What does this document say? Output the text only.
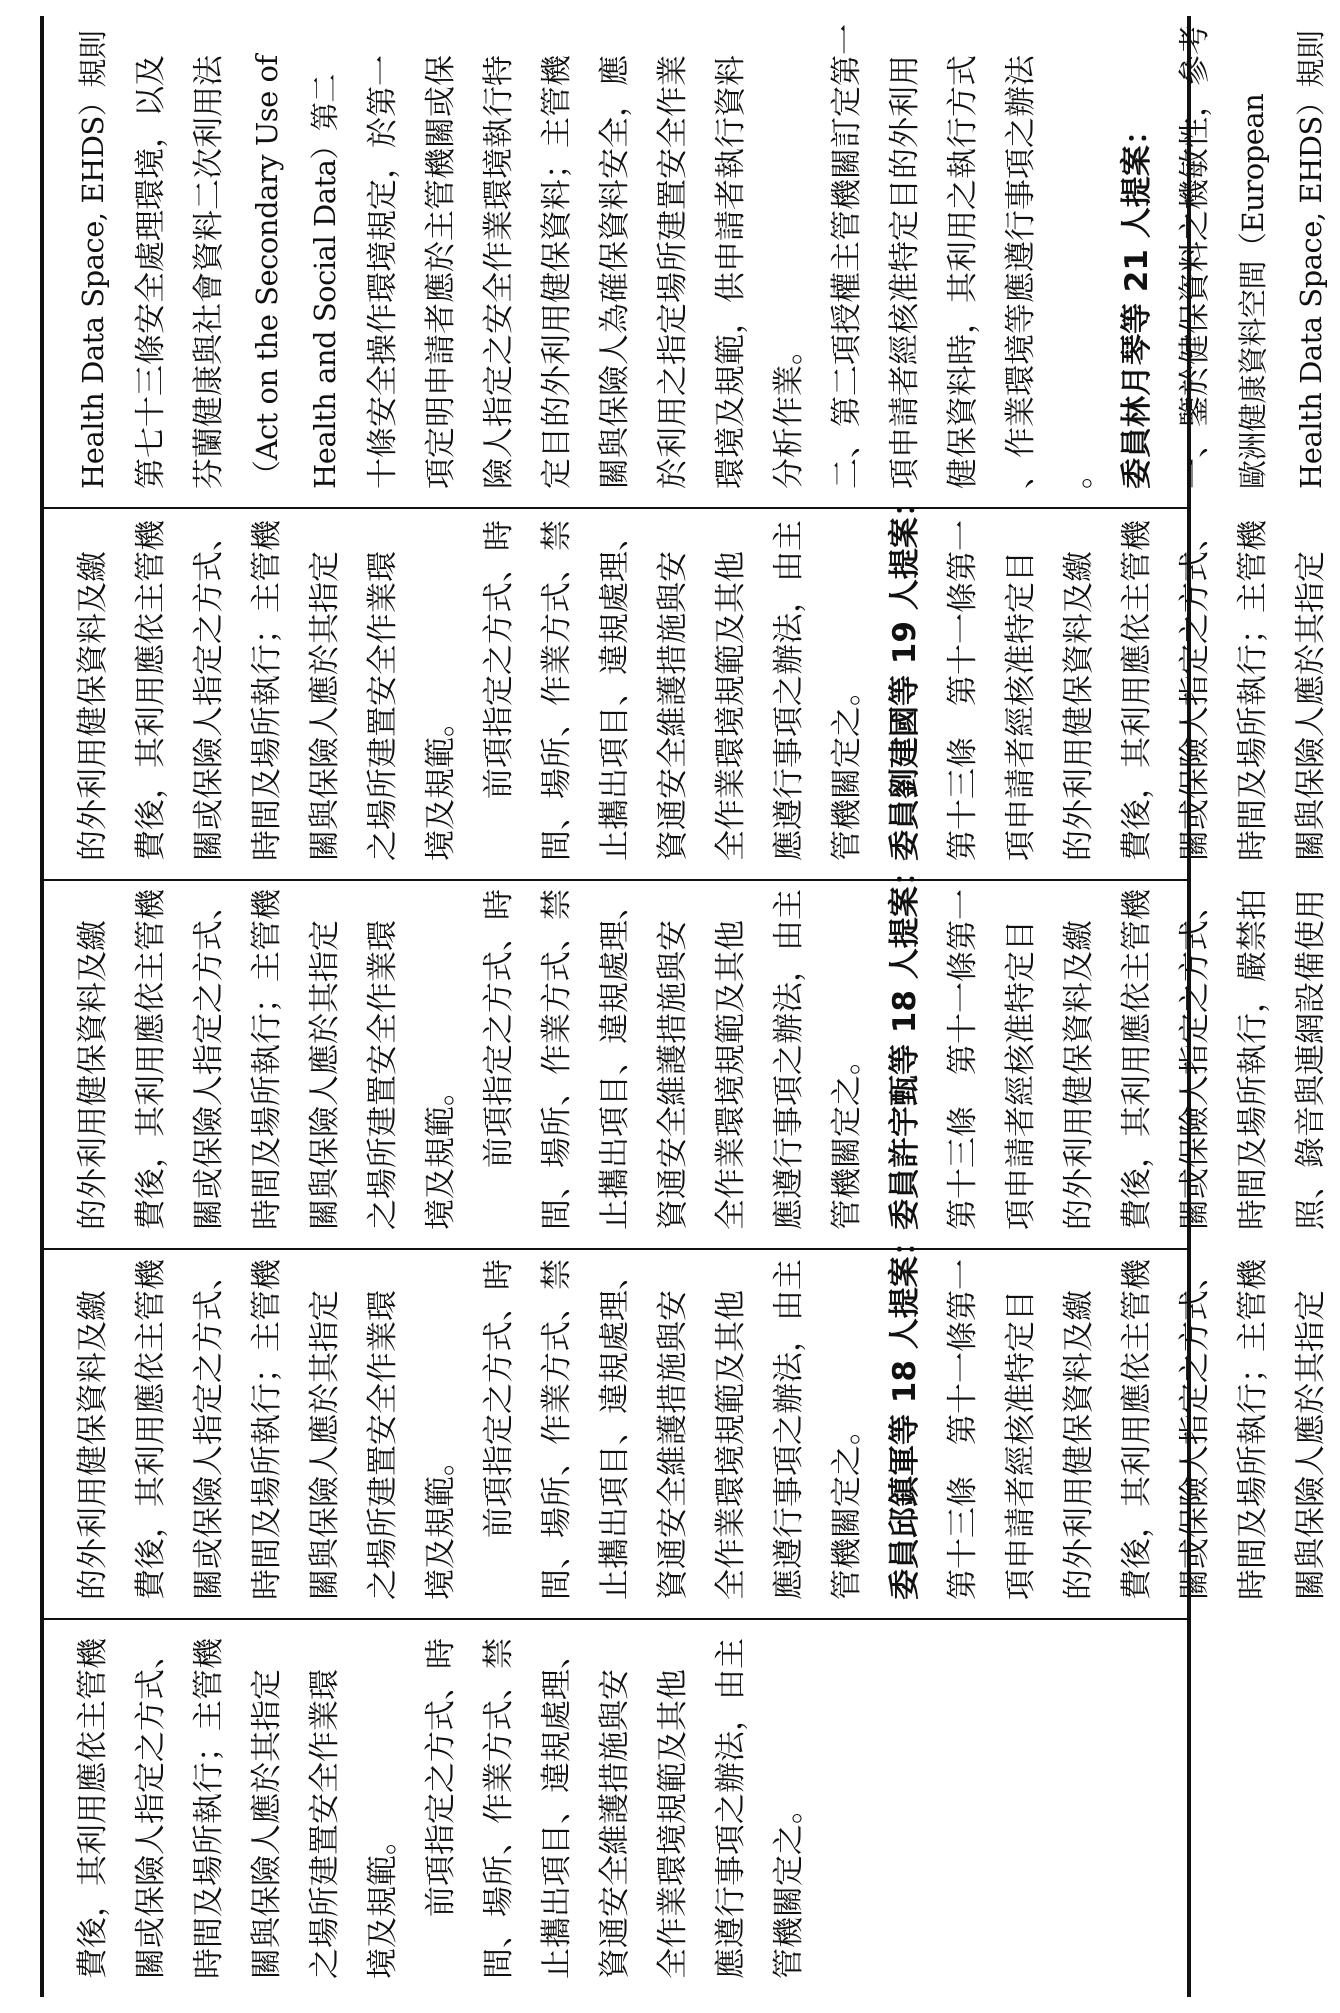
費後，其利用應依主管機 關或保險人指定之方式、 時間及場所執行；主管機 關與保險人應於其指定 之場所建置安全作業環 境及規範。 前項指定之方式、時 間、場所、作業方式、禁 止攜出項目、違規處理、 資通安全維護措施與安 全作業環境規範及其他 應遵行事項之辦法，由主 管機關定之。
的外利用健保資料及繳 費後，其利用應依主管機 關或保險人指定之方式、 時間及場所執行；主管機 關與保險人應於其指定 之場所建置安全作業環 境及規範。 前項指定之方式、時 間、場所、作業方式、禁 止攜出項目、違規處理、 資通安全維護措施與安 全作業環境規範及其他 應遵行事項之辦法，由主 管機關定之。 委員邱鎮軍等 18 人提案： 第十三條　第十一條第一 項申請者經核准特定目 的外利用健保資料及繳 費後，其利用應依主管機 關或保險人指定之方式、 時間及場所執行；主管機 關與保險人應於其指定
的外利用健保資料及繳 費後，其利用應依主管機 關或保險人指定之方式、 時間及場所執行；主管機 關與保險人應於其指定 之場所建置安全作業環 境及規範。 前項指定之方式、時 間、場所、作業方式、禁 止攜出項目、違規處理、 資通安全維護措施與安 全作業環境規範及其他 應遵行事項之辦法，由主 管機關定之。 委員許宇甄等 18 人提案： 第十三條　第十一條第一 項申請者經核准特定目 的外利用健保資料及繳 費後，其利用應依主管機 關或保險人指定之方式、 時間及場所執行，嚴禁拍 照、錄音與連網設備使用
的外利用健保資料及繳 費後，其利用應依主管機 關或保險人指定之方式、 時間及場所執行；主管機 關與保險人應於其指定 之場所建置安全作業環 境及規範。 前項指定之方式、時 間、場所、作業方式、禁 止攜出項目、違規處理、 資通安全維護措施與安 全作業環境規範及其他 應遵行事項之辦法，由主 管機關定之。 委員劉建國等 19 人提案： 第十三條　第十一條第一 項申請者經核准特定目 的外利用健保資料及繳 費後，其利用應依主管機 關或保險人指定之方式、 時間及場所執行；主管機 關與保險人應於其指定
Health Data Space, EHDS）規則 第七十三條安全處理環境，以及 芬蘭健康與社會資料二次利用法 （Act on the Secondary Use of Health and Social Data）第二 十條安全操作環境規定，於第一 項定明申請者應於主管機關或保 險人指定之安全作業環境執行特 定目的外利用健保資料；主管機 關與保險人為確保資料安全，應 於利用之指定場所建置安全作業 環境及規範，供申請者執行資料 分析作業。 二、第二項授權主管機關訂定第一 項申請者經核准特定目的外利用 健保資料時，其利用之執行方式 、作業環境等應遵行事項之辦法 。 委員林月琴等 21 人提案： 一、鑒於健保資料之機敏性，參考 歐洲健康資料空間（European Health Data Space, EHDS）規則
